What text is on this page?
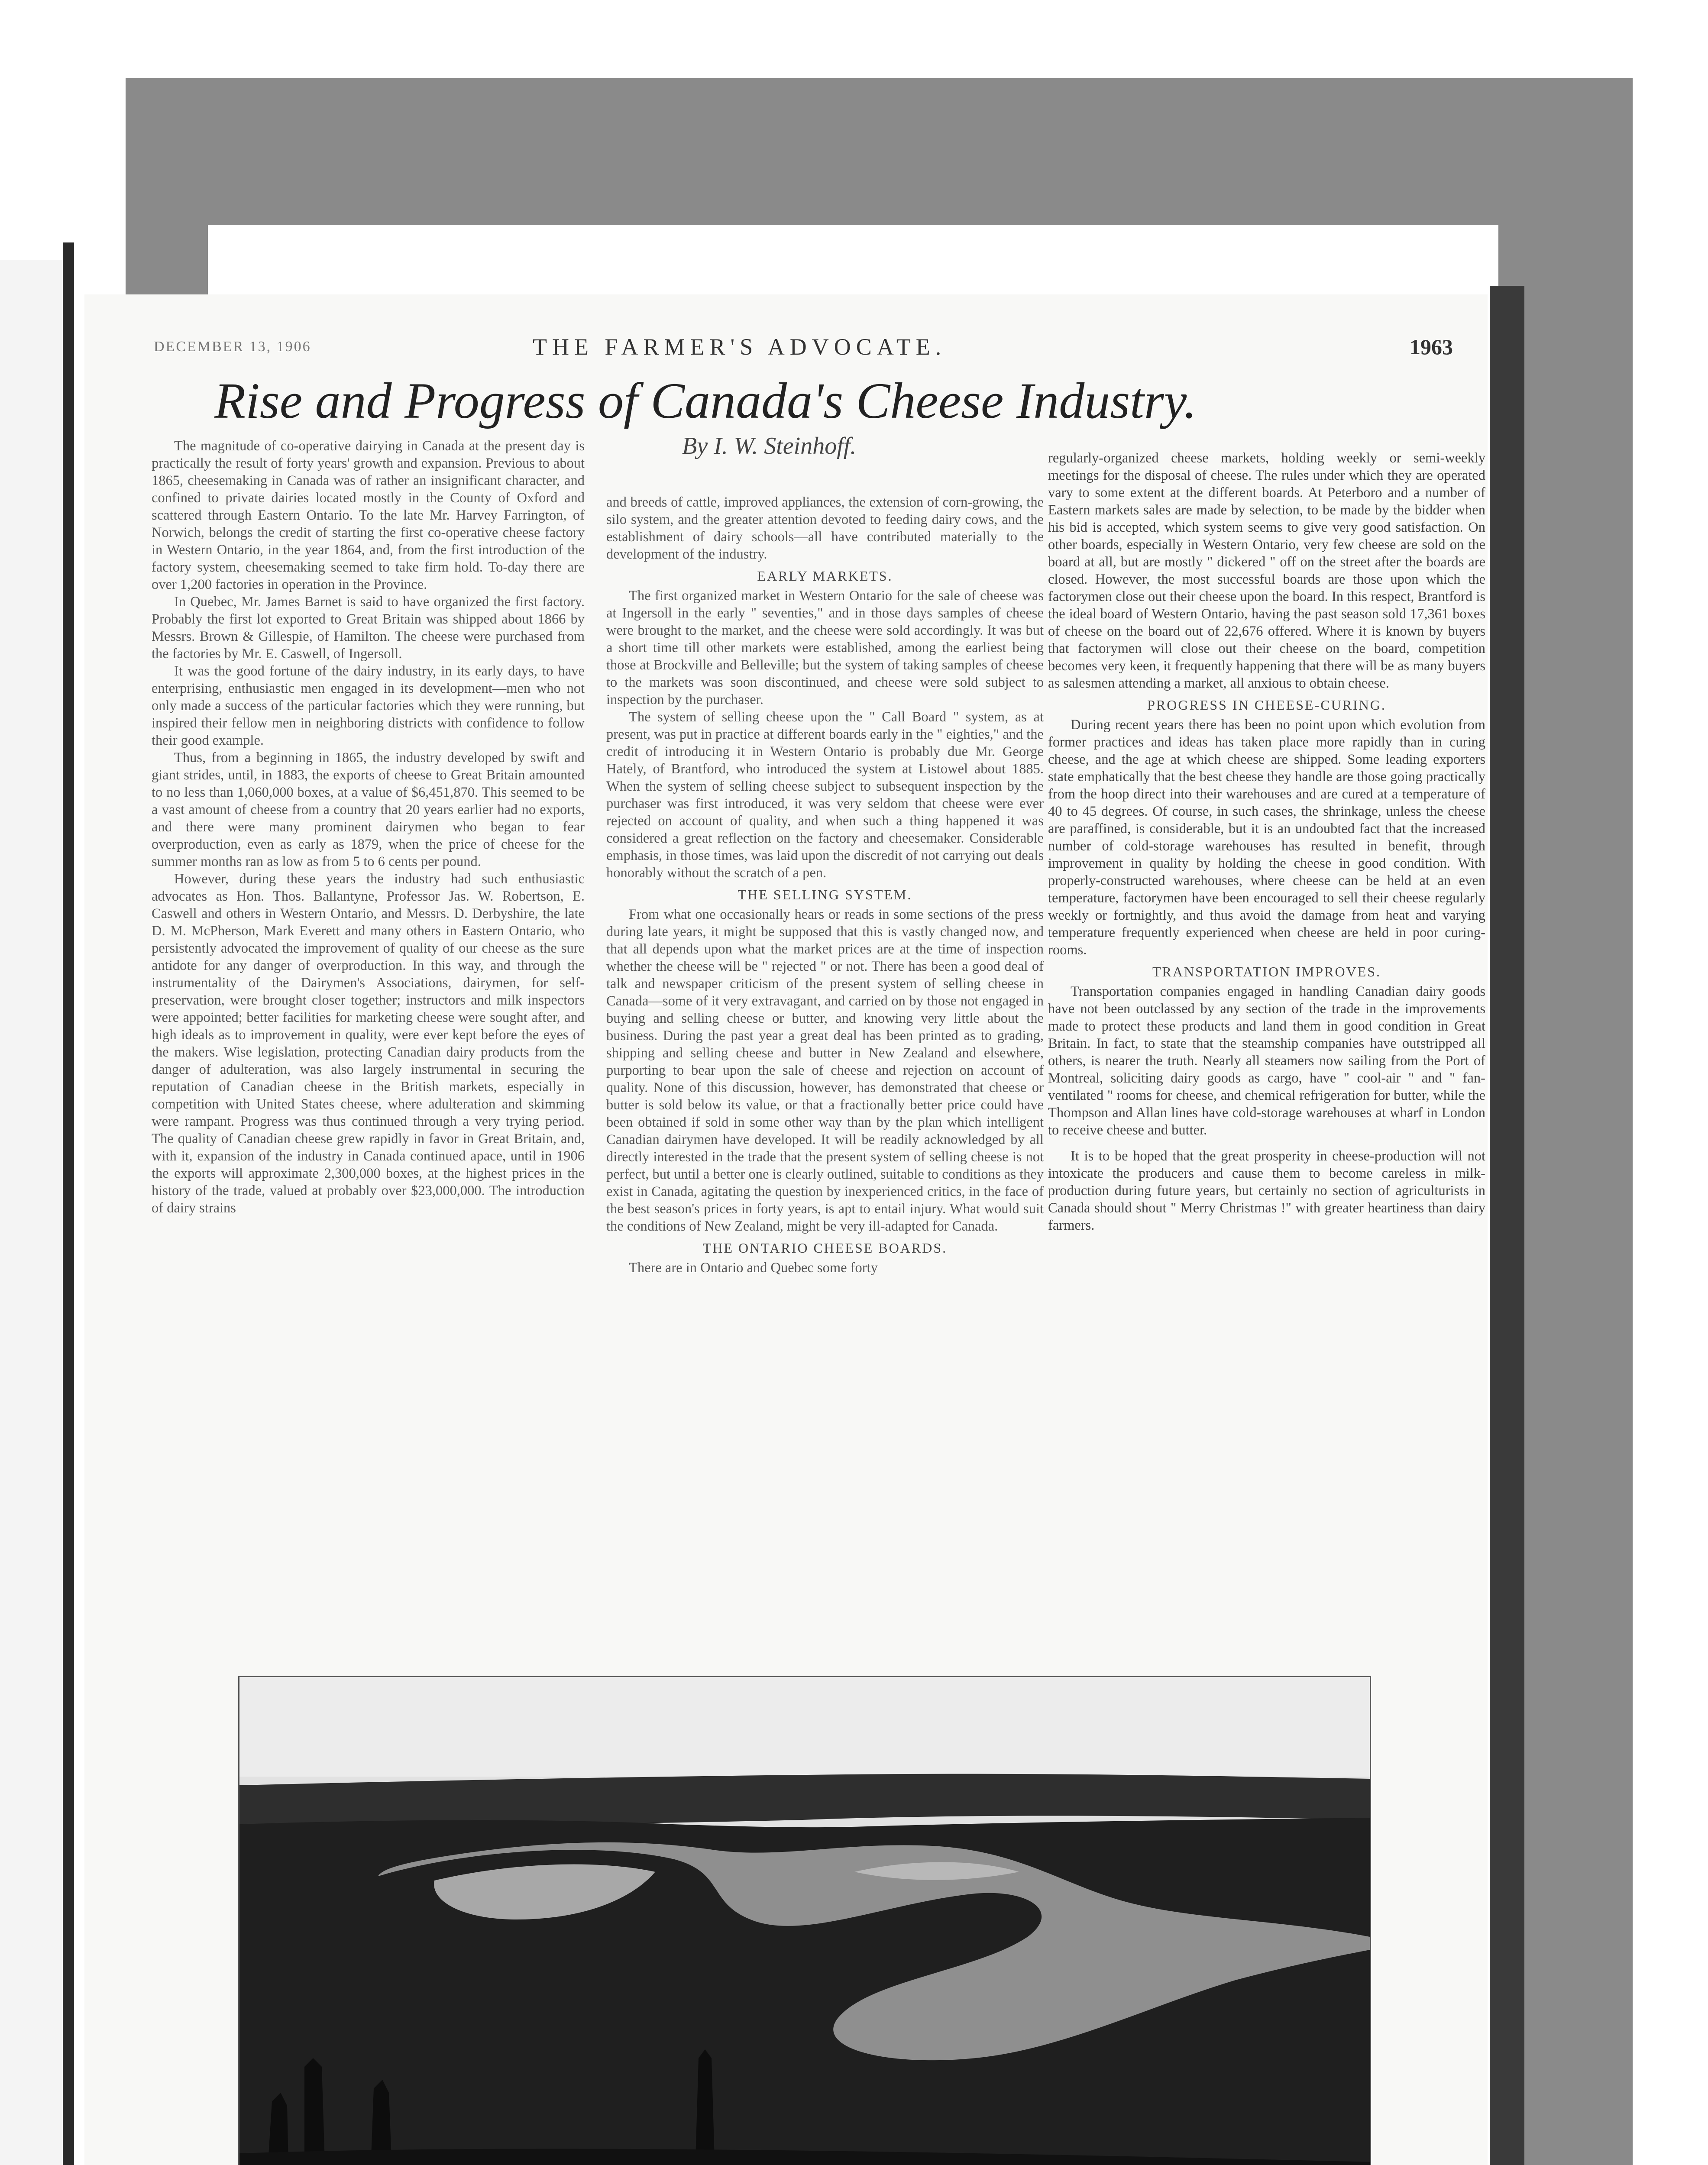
DECEMBER 13, 1906	THE FARMER'S ADVOCATE.	1963
Rise and Progress of Canada's Cheese Industry.

By I. W. Steinhoff.

The magnitude of co-operative dairying in Canada at the present day is practically the result of forty years' growth and expansion. Previous to about 1865, cheesemaking in Canada was of rather an insignificant character, and confined to private dairies located mostly in the County of Oxford and scattered through Eastern Ontario. To the late Mr. Harvey Farrington, of Norwich, belongs the credit of starting the first co-operative cheese factory in Western Ontario, in the year 1864, and, from the first introduction of the factory system, cheesemaking seemed to take firm hold. To-day there are over 1,200 factories in operation in the Province.

In Quebec, Mr. James Barnet is said to have organized the first factory. Probably the first lot exported to Great Britain was shipped about 1866 by Messrs. Brown & Gillespie, of Hamilton. The cheese were purchased from the factories by Mr. E. Caswell, of Ingersoll.

It was the good fortune of the dairy industry, in its early days, to have enterprising, enthusiastic men engaged in its development—men who not only made a success of the particular factories which they were running, but inspired their fellow men in neighboring districts with confidence to follow their good example.

Thus, from a beginning in 1865, the industry developed by swift and giant strides, until, in 1883, the exports of cheese to Great Britain amounted to no less than 1,060,000 boxes, at a value of $6,451,870. This seemed to be a vast amount of cheese from a country that 20 years earlier had no exports, and there were many prominent dairymen who began to fear overproduction, even as early as 1879, when the price of cheese for the summer months ran as low as from 5 to 6 cents per pound.

However, during these years the industry had such enthusiastic advocates as Hon. Thos. Ballantyne, Professor Jas. W. Robertson, E. Caswell and others in Western Ontario, and Messrs. D. Derbyshire, the late D. M. McPherson, Mark Everett and many others in Eastern Ontario, who persistently advocated the improvement of quality of our cheese as the sure antidote for any danger of overproduction. In this way, and through the instrumentality of the Dairymen's Associations, dairymen, for self-preservation, were brought closer together; instructors and milk inspectors were appointed; better facilities for marketing cheese were sought after, and high ideals as to improvement in quality, were ever kept before the eyes of the makers. Wise legislation, protecting Canadian dairy products from the danger of adulteration, was also largely instrumental in securing the reputation of Canadian cheese in the British markets, especially in competition with United States cheese, where adulteration and skimming were rampant. Progress was thus continued through a very trying period. The quality of Canadian cheese grew rapidly in favor in Great Britain, and, with it, expansion of the industry in Canada continued apace, until in 1906 the exports will approximate 2,300,000 boxes, at the highest prices in the history of the trade, valued at probably over $23,000,000. The introduction of dairy strains

and breeds of cattle, improved appliances, the extension of corn-growing, the silo system, and the greater attention devoted to feeding dairy cows, and the establishment of dairy schools—all have contributed materially to the development of the industry.

EARLY MARKETS.

The first organized market in Western Ontario for the sale of cheese was at Ingersoll in the early " seventies," and in those days samples of cheese were brought to the market, and the cheese were sold accordingly. It was but a short time till other markets were established, among the earliest being those at Brockville and Belleville; but the system of taking samples of cheese to the markets was soon discontinued, and cheese were sold subject to inspection by the purchaser.

The system of selling cheese upon the " Call Board " system, as at present, was put in practice at different boards early in the " eighties," and the credit of introducing it in Western Ontario is probably due Mr. George Hately, of Brantford, who introduced the system at Listowel about 1885. When the system of selling cheese subject to subsequent inspection by the purchaser was first introduced, it was very seldom that cheese were ever rejected on account of quality, and when such a thing happened it was considered a great reflection on the factory and cheesemaker. Considerable emphasis, in those times, was laid upon the discredit of not carrying out deals honorably without the scratch of a pen.

THE SELLING SYSTEM.

From what one occasionally hears or reads in some sections of the press during late years, it might be supposed that this is vastly changed now, and that all depends upon what the market prices are at the time of inspection whether the cheese will be " rejected " or not. There has been a good deal of talk and newspaper criticism of the present system of selling cheese in Canada—some of it very extravagant, and carried on by those not engaged in buying and selling cheese or butter, and knowing very little about the business. During the past year a great deal has been printed as to grading, shipping and selling cheese and butter in New Zealand and elsewhere, purporting to bear upon the sale of cheese and rejection on account of quality. None of this discussion, however, has demonstrated that cheese or butter is sold below its value, or that a fractionally better price could have been obtained if sold in some other way than by the plan which intelligent Canadian dairymen have developed. It will be readily acknowledged by all directly interested in the trade that the present system of selling cheese is not perfect, but until a better one is clearly outlined, suitable to conditions as they exist in Canada, agitating the question by inexperienced critics, in the face of the best season's prices in forty years, is apt to entail injury. What would suit the conditions of New Zealand, might be very ill-adapted for Canada.

THE ONTARIO CHEESE BOARDS.

There are in Ontario and Quebec some forty

regularly-organized cheese markets, holding weekly or semi-weekly meetings for the disposal of cheese. The rules under which they are operated vary to some extent at the different boards. At Peterboro and a number of Eastern markets sales are made by selection, to be made by the bidder when his bid is accepted, which system seems to give very good satisfaction. On other boards, especially in Western Ontario, very few cheese are sold on the board at all, but are mostly " dickered " off on the street after the boards are closed. However, the most successful boards are those upon which the factorymen close out their cheese upon the board. In this respect, Brantford is the ideal board of Western Ontario, having the past season sold 17,361 boxes of cheese on the board out of 22,676 offered. Where it is known by buyers that factorymen will close out their cheese on the board, competition becomes very keen, it frequently happening that there will be as many buyers as salesmen attending a market, all anxious to obtain cheese.

PROGRESS IN CHEESE-CURING.

During recent years there has been no point upon which evolution from former practices and ideas has taken place more rapidly than in curing cheese, and the age at which cheese are shipped. Some leading exporters state emphatically that the best cheese they handle are those going practically from the hoop direct into their warehouses and are cured at a temperature of 40 to 45 degrees. Of course, in such cases, the shrinkage, unless the cheese are paraffined, is considerable, but it is an undoubted fact that the increased number of cold-storage warehouses has resulted in benefit, through improvement in quality by holding the cheese in good condition. With properly-constructed warehouses, where cheese can be held at an even temperature, factorymen have been encouraged to sell their cheese regularly weekly or fortnightly, and thus avoid the damage from heat and varying temperature frequently experienced when cheese are held in poor curing-rooms.

TRANSPORTATION IMPROVES.

Transportation companies engaged in handling Canadian dairy goods have not been outclassed by any section of the trade in the improvements made to protect these products and land them in good condition in Great Britain. In fact, to state that the steamship companies have outstripped all others, is nearer the truth. Nearly all steamers now sailing from the Port of Montreal, soliciting dairy goods as cargo, have " cool-air " and " fan-ventilated " rooms for cheese, and chemical refrigeration for butter, while the Thompson and Allan lines have cold-storage warehouses at wharf in London to receive cheese and butter.

It is to be hoped that the great prosperity in cheese-production will not intoxicate the producers and cause them to become careless in milk-production during future years, but certainly no section of agriculturists in Canada should shout " Merry Christmas !" with greater heartiness than dairy farmers.
